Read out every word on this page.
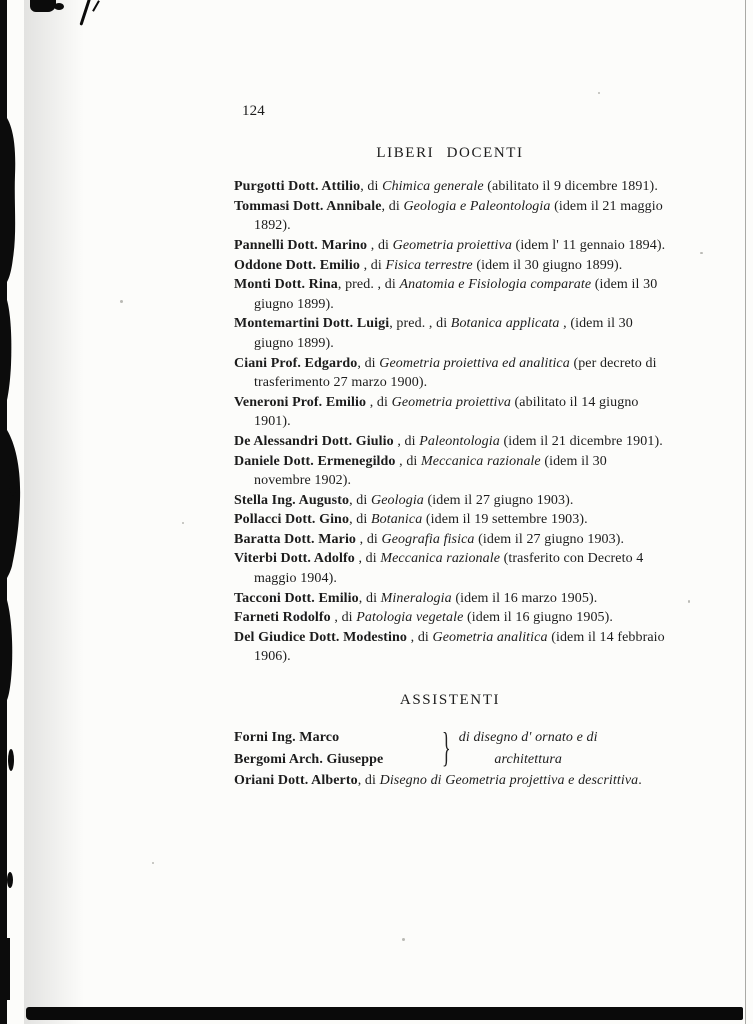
124

LIBERI DOCENTI

Purgotti Dott. Attilio, di Chimica generale (abilitato il 9 dicembre 1891).

Tommasi Dott. Annibale, di Geologia e Paleontologia (idem il 21 maggio 1892).

Pannelli Dott. Marino , di Geometria proiettiva (idem l' 11 gennaio 1894).

Oddone Dott. Emilio , di Fisica terrestre (idem il 30 giugno 1899).

Monti Dott. Rina, pred. , di Anatomia e Fisiologia comparate (idem il 30 giugno 1899).

Montemartini Dott. Luigi, pred. , di Botanica applicata , (idem il 30 giugno 1899).

Ciani Prof. Edgardo, di Geometria proiettiva ed analitica (per decreto di trasferimento 27 marzo 1900).

Veneroni Prof. Emilio , di Geometria proiettiva (abilitato il 14 giugno 1901).

De Alessandri Dott. Giulio , di Paleontologia (idem il 21 dicembre 1901).

Daniele Dott. Ermenegildo , di Meccanica razionale (idem il 30 novembre 1902).

Stella Ing. Augusto, di Geologia (idem il 27 giugno 1903).

Pollacci Dott. Gino, di Botanica (idem il 19 settembre 1903).

Baratta Dott. Mario , di Geografia fisica (idem il 27 giugno 1903).

Viterbi Dott. Adolfo , di Meccanica razionale (trasferito con Decreto 4 maggio 1904).

Tacconi Dott. Emilio, di Mineralogia (idem il 16 marzo 1905).

Farneti Rodolfo , di Patologia vegetale (idem il 16 giugno 1905).

Del Giudice Dott. Modestino , di Geometria analitica (idem il 14 febbraio 1906).

ASSISTENTI

Forni Ing. Marco

Bergomi Arch. Giuseppe	} di disegno d' ornato e di

architettura

Oriani Dott. Alberto, di Disegno di Geometria projettiva e descrittiva.
